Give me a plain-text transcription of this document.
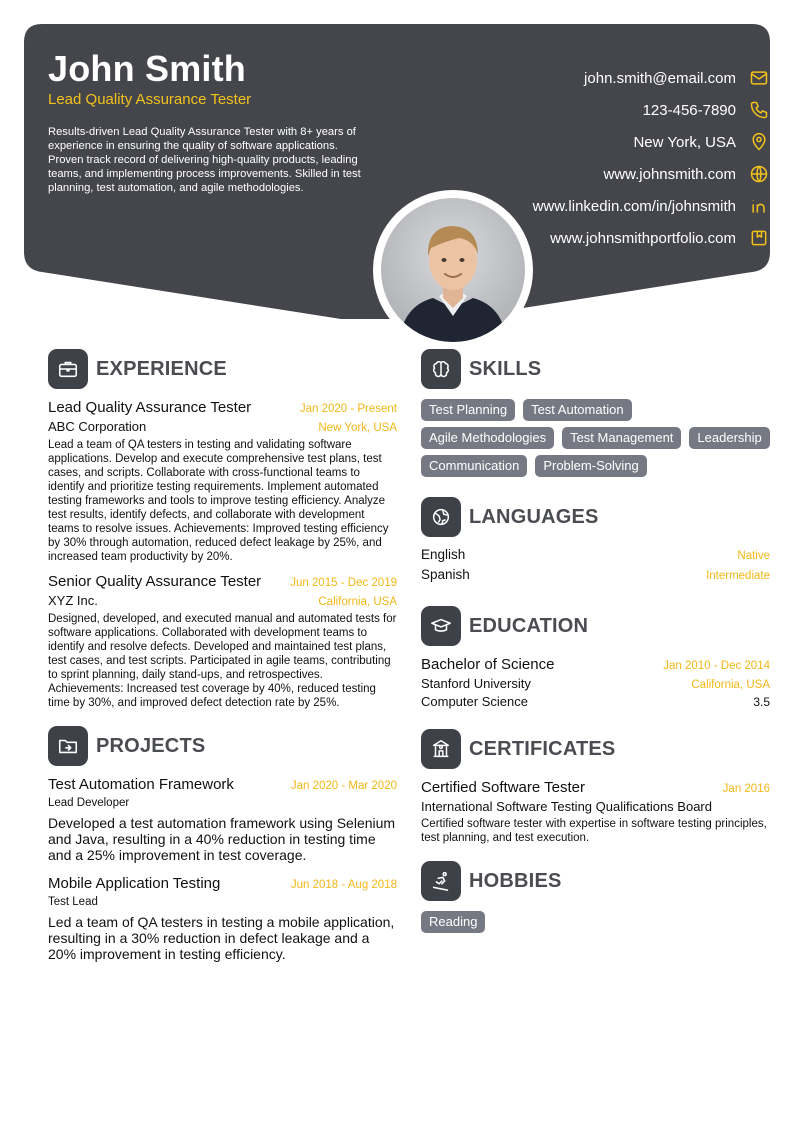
John Smith
Lead Quality Assurance Tester
Results-driven Lead Quality Assurance Tester with 8+ years of experience in ensuring the quality of software applications. Proven track record of delivering high-quality products, leading teams, and implementing process improvements. Skilled in test planning, test automation, and agile methodologies.
john.smith@email.com
123-456-7890
New York, USA
www.johnsmith.com
www.linkedin.com/in/johnsmith
www.johnsmithportfolio.com
EXPERIENCE
Lead Quality Assurance Tester	Jan 2020 - Present
ABC Corporation	New York, USA
Lead a team of QA testers in testing and validating software applications. Develop and execute comprehensive test plans, test cases, and scripts. Collaborate with cross-functional teams to identify and prioritize testing requirements. Implement automated testing frameworks and tools to improve testing efficiency. Analyze test results, identify defects, and collaborate with development teams to resolve issues. Achievements: Improved testing efficiency by 30% through automation, reduced defect leakage by 25%, and increased team productivity by 20%.
Senior Quality Assurance Tester	Jun 2015 - Dec 2019
XYZ Inc.	California, USA
Designed, developed, and executed manual and automated tests for software applications. Collaborated with development teams to identify and resolve defects. Developed and maintained test plans, test cases, and test scripts. Participated in agile teams, contributing to sprint planning, daily stand-ups, and retrospectives. Achievements: Increased test coverage by 40%, reduced testing time by 30%, and improved defect detection rate by 25%.
PROJECTS
Test Automation Framework	Jan 2020 - Mar 2020
Lead Developer
Developed a test automation framework using Selenium and Java, resulting in a 40% reduction in testing time and a 25% improvement in test coverage.
Mobile Application Testing	Jun 2018 - Aug 2018
Test Lead
Led a team of QA testers in testing a mobile application, resulting in a 30% reduction in defect leakage and a 20% improvement in testing efficiency.
SKILLS
Test Planning	Test Automation
Agile Methodologies	Test Management	Leadership
Communication	Problem-Solving
LANGUAGES
English	Native
Spanish	Intermediate
EDUCATION
Bachelor of Science	Jan 2010 - Dec 2014
Stanford University	California, USA
Computer Science	3.5
CERTIFICATES
Certified Software Tester	Jan 2016
International Software Testing Qualifications Board
Certified software tester with expertise in software testing principles, test planning, and test execution.
HOBBIES
Reading
